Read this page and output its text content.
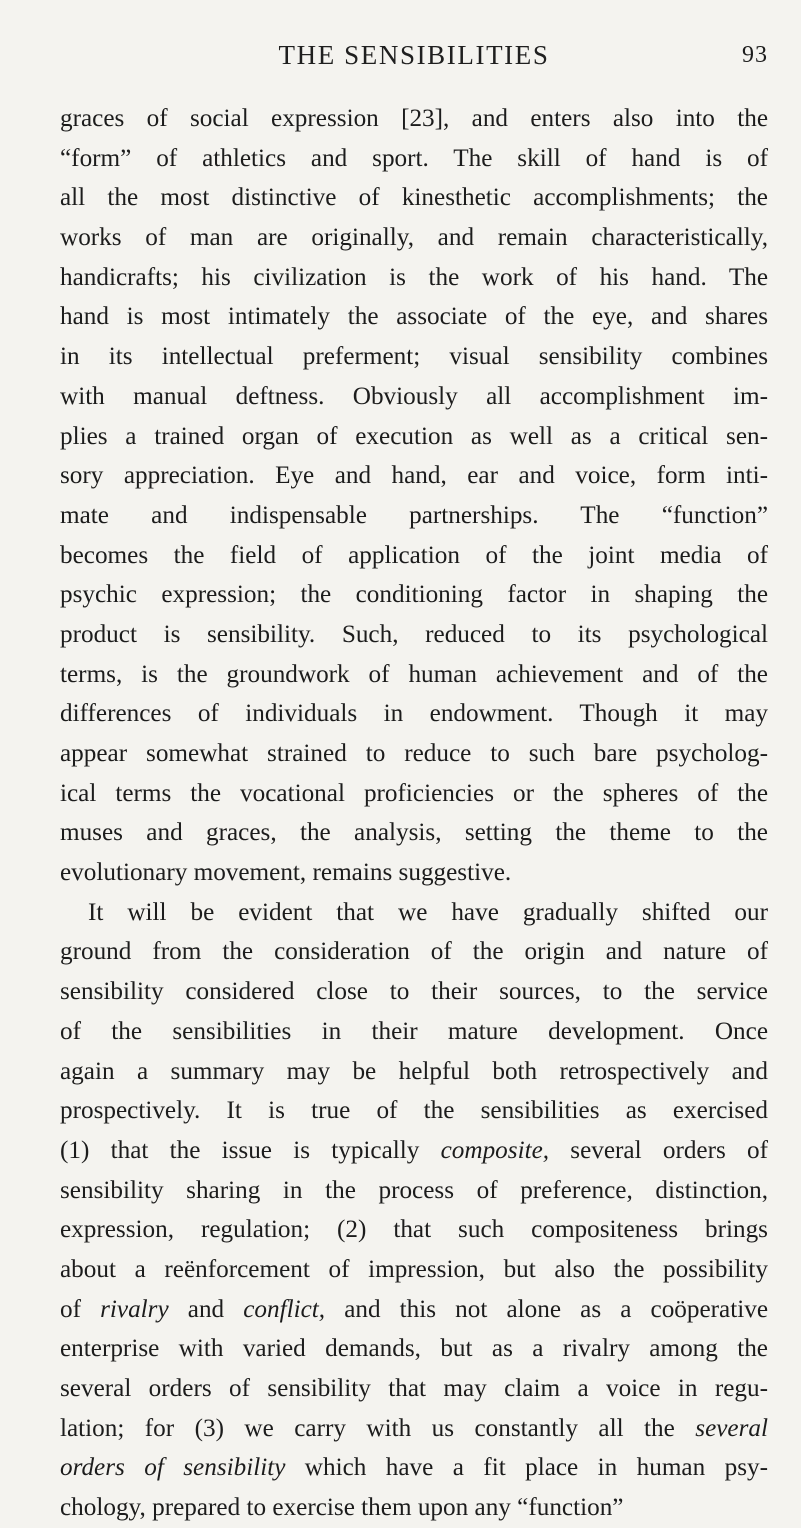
THE SENSIBILITIES	93
graces of social expression [23], and enters also into the
“form” of athletics and sport. The skill of hand is of
all the most distinctive of kinesthetic accomplishments; the
works of man are originally, and remain characteristically,
handicrafts; his civilization is the work of his hand. The
hand is most intimately the associate of the eye, and shares
in its intellectual preferment; visual sensibility combines
with manual deftness. Obviously all accomplishment im-
plies a trained organ of execution as well as a critical sen-
sory appreciation. Eye and hand, ear and voice, form inti-
mate and indispensable partnerships. The “function”
becomes the field of application of the joint media of
psychic expression; the conditioning factor in shaping the
product is sensibility. Such, reduced to its psychological
terms, is the groundwork of human achievement and of the
differences of individuals in endowment. Though it may
appear somewhat strained to reduce to such bare psycholog-
ical terms the vocational proficiencies or the spheres of the
muses and graces, the analysis, setting the theme to the
evolutionary movement, remains suggestive.
It will be evident that we have gradually shifted our
ground from the consideration of the origin and nature of
sensibility considered close to their sources, to the service
of the sensibilities in their mature development. Once
again a summary may be helpful both retrospectively and
prospectively. It is true of the sensibilities as exercised
(1) that the issue is typically composite, several orders of
sensibility sharing in the process of preference, distinction,
expression, regulation; (2) that such compositeness brings
about a reënforcement of impression, but also the possibility
of rivalry and conflict, and this not alone as a coöperative
enterprise with varied demands, but as a rivalry among the
several orders of sensibility that may claim a voice in regu-
lation; for (3) we carry with us constantly all the several
orders of sensibility which have a fit place in human psy-
chology, prepared to exercise them upon any “function”
